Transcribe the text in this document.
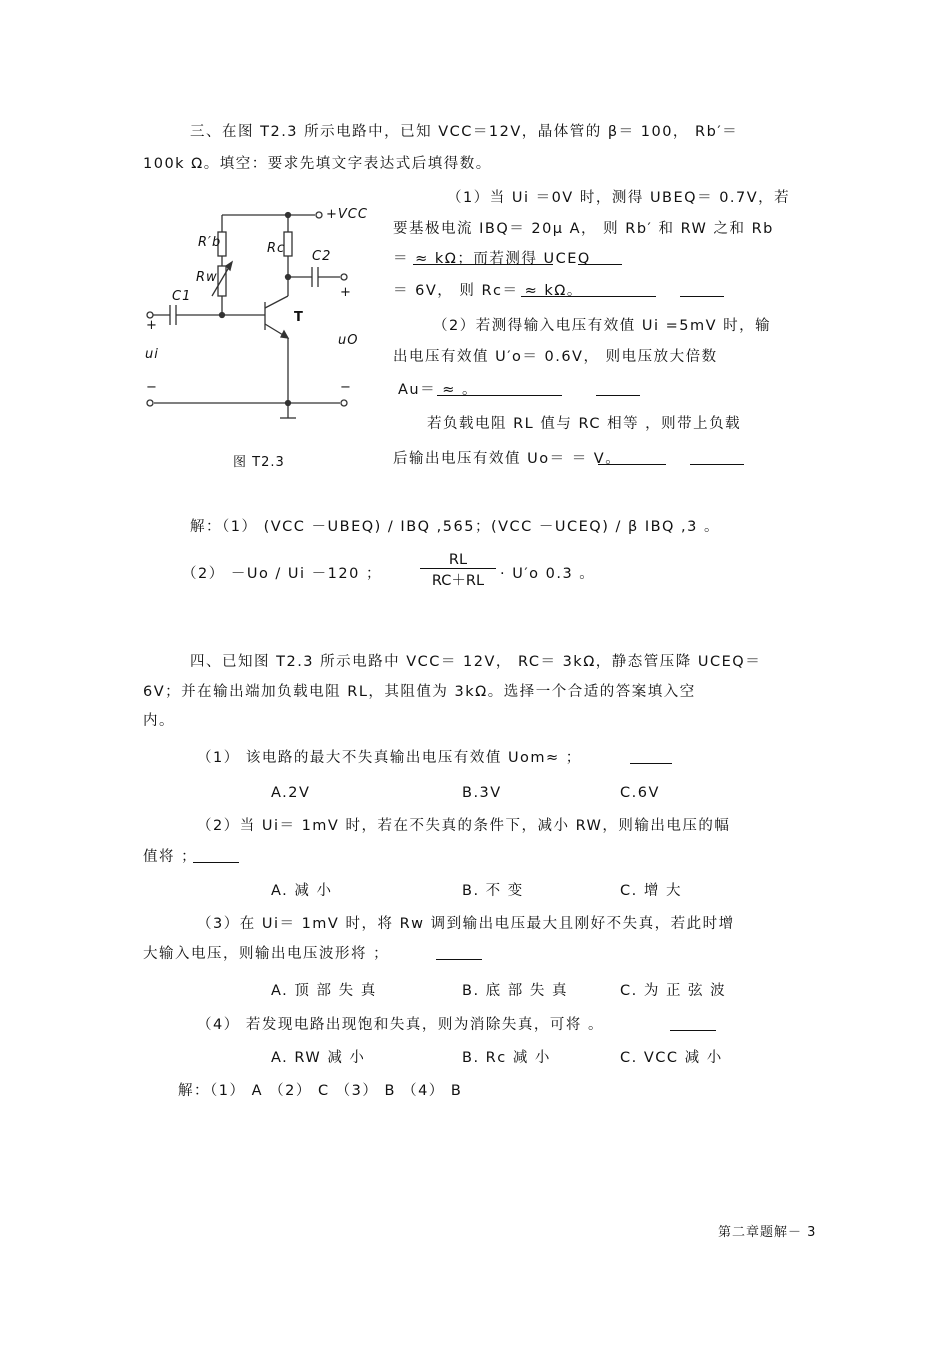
三、在图 T2.3 所示电路中，已知 VCC＝12V，晶体管的 β＝ 100， Rb′＝
100k Ω。填空：要求先填文字表达式后填得数。
（1）当 Ui ＝0V 时，测得 UBEQ＝ 0.7V，若
要基极电流 IBQ＝ 20μ A， 则 Rb′ 和 RW 之和 Rb
＝ ≈ kΩ；而若测得 UCEQ
＝ 6V， 则 Rc＝ ≈ kΩ。
（2）若测得输入电压有效值 Ui =5mV 时，输
出电压有效值 U′o＝ 0.6V， 则电压放大倍数
Au＝ ≈ 。
若负载电阻 RL 值与 RC 相等 ，则带上负载
后输出电压有效值 Uo＝ ＝ V。
+VCC
R′b
Rw
Rc
C2
C1
T
ui
uO
+
−
+
−
图 T2.3
解：（1） (VCC －UBEQ) / IBQ ,565；(VCC －UCEQ) / β IBQ ,3 。
（2） －Uo / Ui －120 ；	$\frac{RL}{RC+RL} \cdot U'o$ 0.3 。
四、已知图 T2.3 所示电路中 VCC＝ 12V， RC＝ 3kΩ，静态管压降 UCEQ＝
6V；并在输出端加负载电阻 RL，其阻值为 3kΩ。选择一个合适的答案填入空
内。
（1） 该电路的最大不失真输出电压有效值 Uom≈ ；
A.2V	B.3V	C.6V
（2）当 Ui＝ 1mV 时，若在不失真的条件下，减小 RW，则输出电压的幅
值将 ；
A. 减 小	B. 不 变	C. 增 大
（3）在 Ui＝ 1mV 时，将 Rw 调到输出电压最大且刚好不失真，若此时增
大输入电压，则输出电压波形将 ；
A. 顶 部 失 真	B. 底 部 失 真	C. 为 正 弦 波
（4） 若发现电路出现饱和失真，则为消除失真，可将 。
A. RW 减 小	B. Rc 减 小	C. VCC 减 小
解：（1） A （2） C （3） B （4） B
第二章题解－ 3
